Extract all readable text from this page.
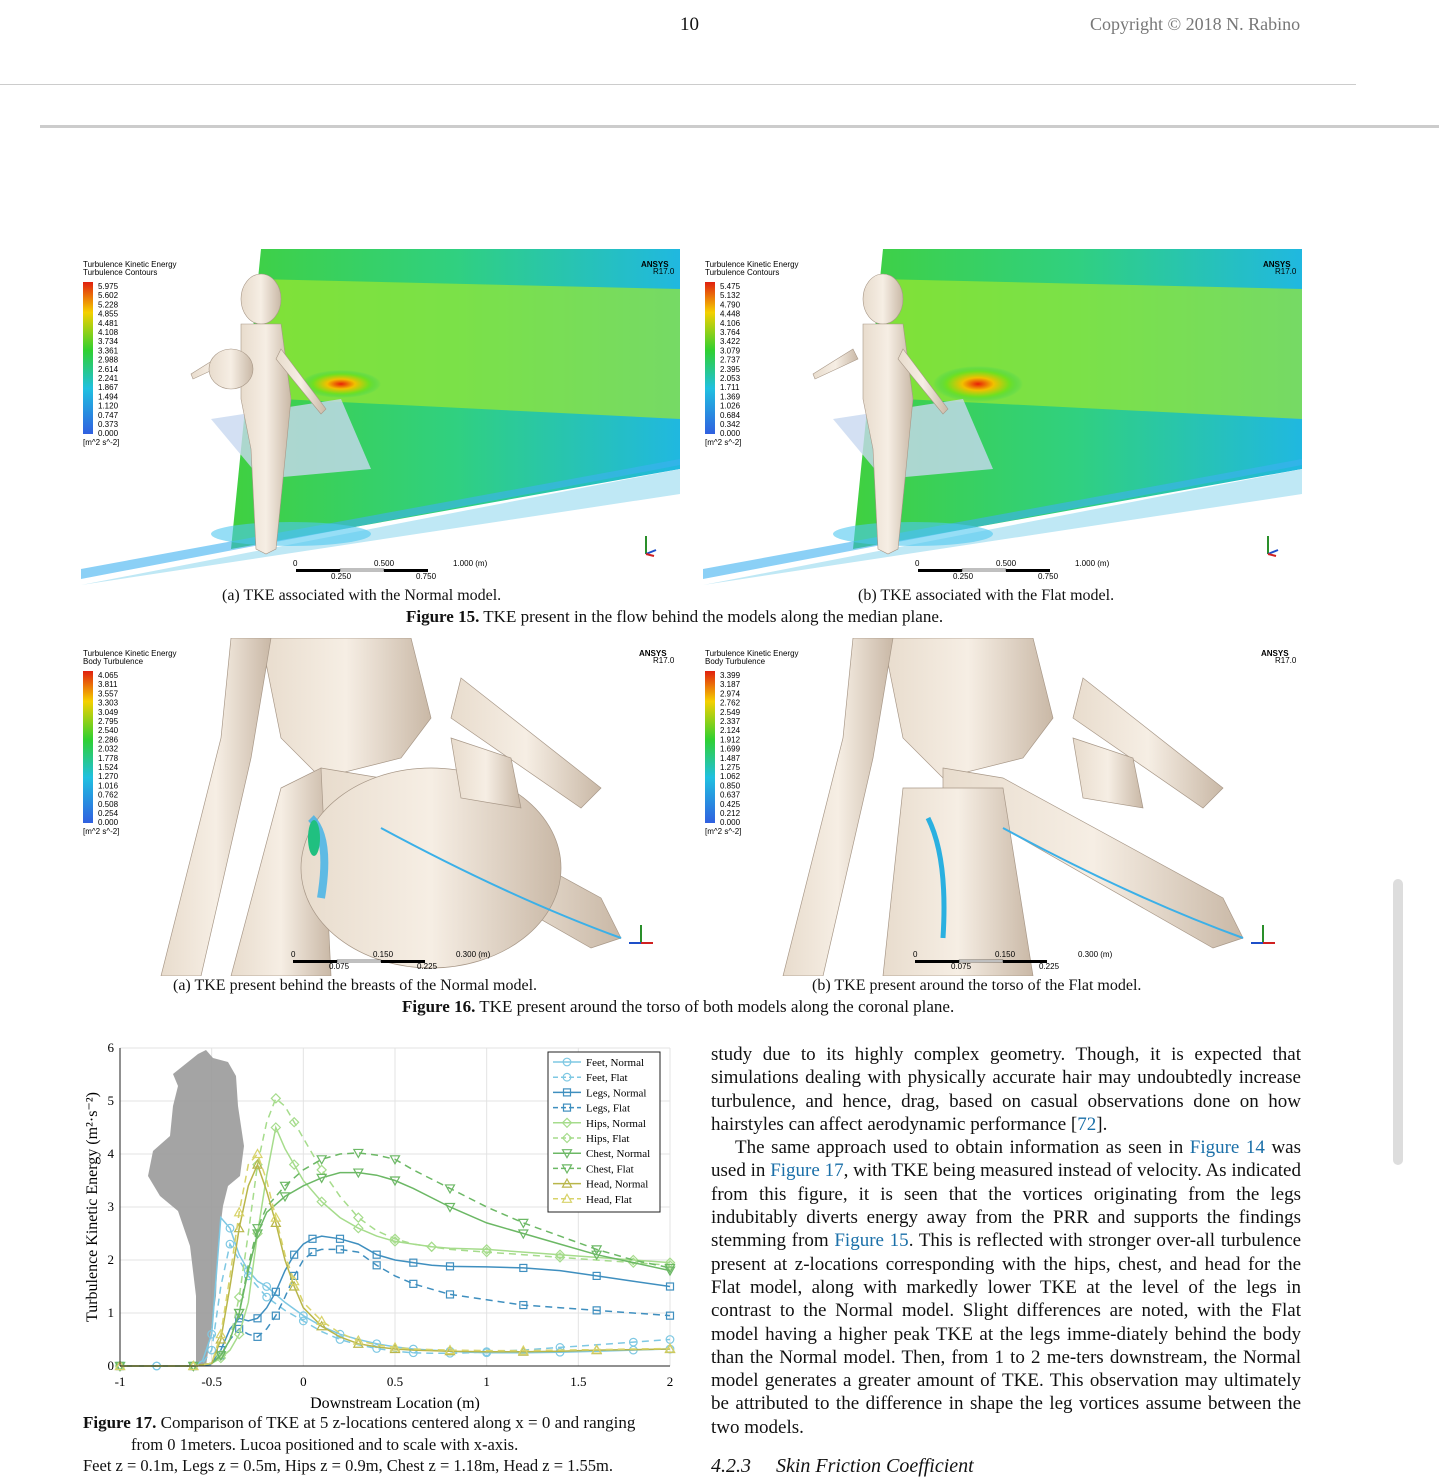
10	Copyright © 2018 N. Rabino
Turbulence Kinetic Energy
Turbulence Contours
5.975
5.602
5.228
4.855
4.481
4.108
3.734
3.361
2.988
2.614
2.241
1.867
1.494
1.120
0.747
0.373
0.000
[m^2 s^-2]
ANSYS
R17.0
0	0.500	1.000 (m)
0.250	0.750
Turbulence Kinetic Energy
Turbulence Contours
5.475
5.132
4.790
4.448
4.106
3.764
3.422
3.079
2.737
2.395
2.053
1.711
1.369
1.026
0.684
0.342
0.000
[m^2 s^-2]
ANSYS
R17.0
0	0.500	1.000 (m)
0.250	0.750
(a) TKE associated with the Normal model.	(b) TKE associated with the Flat model.
Figure 15. TKE present in the flow behind the models along the median plane.
Turbulence Kinetic Energy
Body Turbulence
4.065
3.811
3.557
3.303
3.049
2.795
2.540
2.286
2.032
1.778
1.524
1.270
1.016
0.762
0.508
0.254
0.000
[m^2 s^-2]
ANSYS
R17.0
0	0.150	0.300 (m)
0.075	0.225
Turbulence Kinetic Energy
Body Turbulence
3.399
3.187
2.974
2.762
2.549
2.337
2.124
1.912
1.699
1.487
1.275
1.062
0.850
0.637
0.425
0.212
0.000
[m^2 s^-2]
ANSYS
R17.0
0	0.150	0.300 (m)
0.075	0.225
(a) TKE present behind the breasts of the Normal model.	(b) TKE present around the torso of the Flat model.
Figure 16. TKE present around the torso of both models along the coronal plane.
-1	-0.5	0	0.5	1	1.5	2
0
1
2
3
4
5
6
Downstream Location (m)
Turbulence Kinetic Energy (m²·s⁻²)
Feet, Normal
Feet, Flat
Legs, Normal
Legs, Flat
Hips, Normal
Hips, Flat
Chest, Normal
Chest, Flat
Head, Normal
Head, Flat
Figure 17. Comparison of TKE at 5 z-locations centered along x = 0 and ranging
from 0 1meters. Lucoa positioned and to scale with x-axis.
Feet z = 0.1m, Legs z = 0.5m, Hips z = 0.9m, Chest z = 1.18m, Head z = 1.55m.

study due to its highly complex geometry. Though, it is expected that simulations dealing with physically accurate hair may undoubtedly increase turbulence, and hence, drag, based on casual observations done on how hairstyles can affect aerodynamic performance [72].

The same approach used to obtain information as seen in Figure 14 was used in Figure 17, with TKE being measured instead of velocity. As indicated from this figure, it is seen that the vortices originating from the legs indubitably diverts energy away from the PRR and supports the findings stemming from Figure 15. This is reflected with stronger over-all turbulence present at z-locations corresponding with the hips, chest, and head for the Flat model, along with markedly lower TKE at the level of the legs in contrast to the Normal model. Slight differences are noted, with the Flat model having a higher peak TKE at the legs imme-diately behind the body than the Normal model. Then, from 1 to 2 me-ters downstream, the Normal model generates a greater amount of TKE. This observation may ultimately be attributed to the difference in shape the leg vortices assume between the two models.

4.2.3 Skin Friction Coefficient
